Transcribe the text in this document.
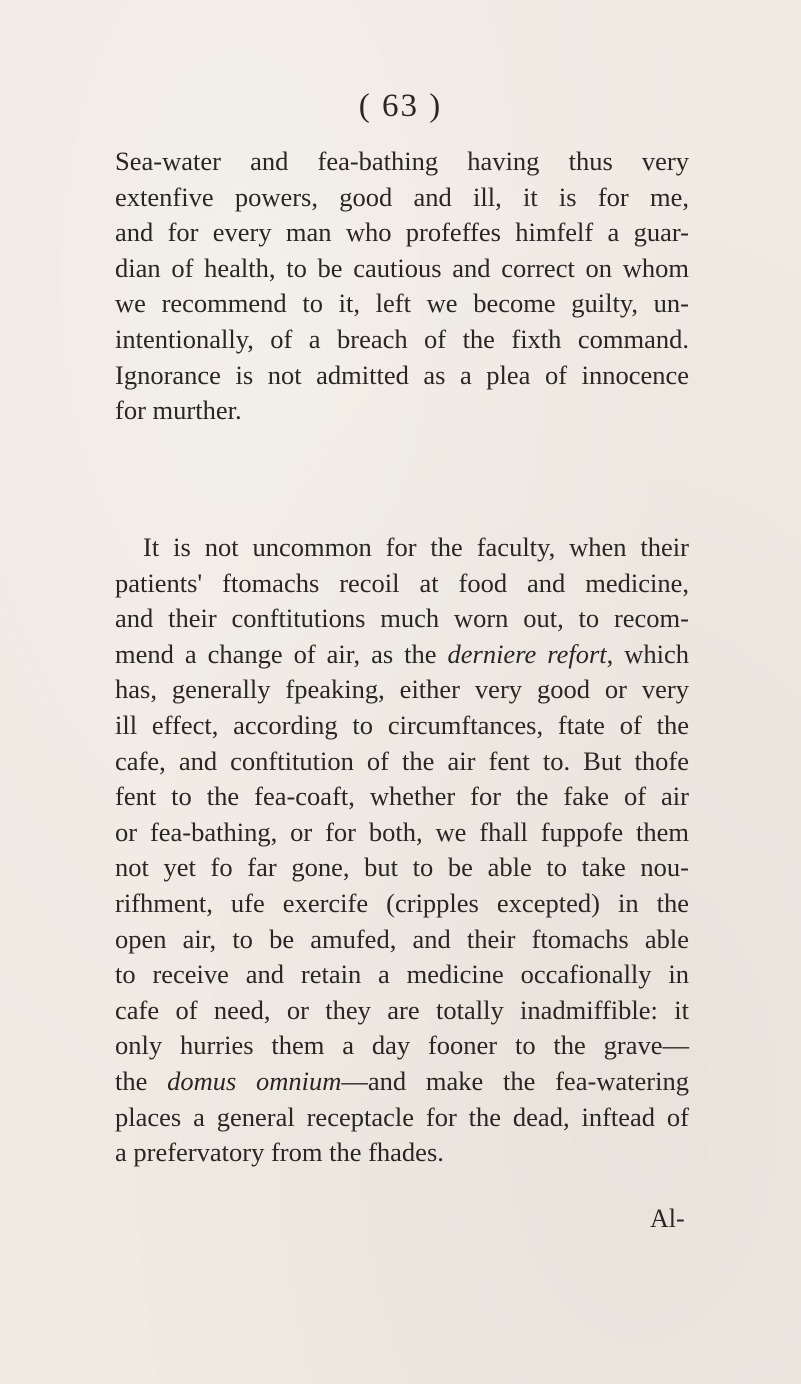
( 63 )
Sea-water and fea-bathing having thus very
extenfive powers, good and ill, it is for me,
and for every man who profeffes himfelf a guar-
dian of health, to be cautious and correct on whom
we recommend to it, left we become guilty, un-
intentionally, of a breach of the fixth command.
Ignorance is not admitted as a plea of innocence
for murther.
It is not uncommon for the faculty, when their
patients' ftomachs recoil at food and medicine,
and their conftitutions much worn out, to recom-
mend a change of air, as the derniere refort, which
has, generally fpeaking, either very good or very
ill effect, according to circumftances, ftate of the
cafe, and conftitution of the air fent to. But thofe
fent to the fea-coaft, whether for the fake of air
or fea-bathing, or for both, we fhall fuppofe them
not yet fo far gone, but to be able to take nou-
rifhment, ufe exercife (cripples excepted) in the
open air, to be amufed, and their ftomachs able
to receive and retain a medicine occafionally in
cafe of need, or they are totally inadmiffible: it
only hurries them a day fooner to the grave—
the domus omnium—and make the fea-watering
places a general receptacle for the dead, inftead of
a prefervatory from the fhades.
Al-
